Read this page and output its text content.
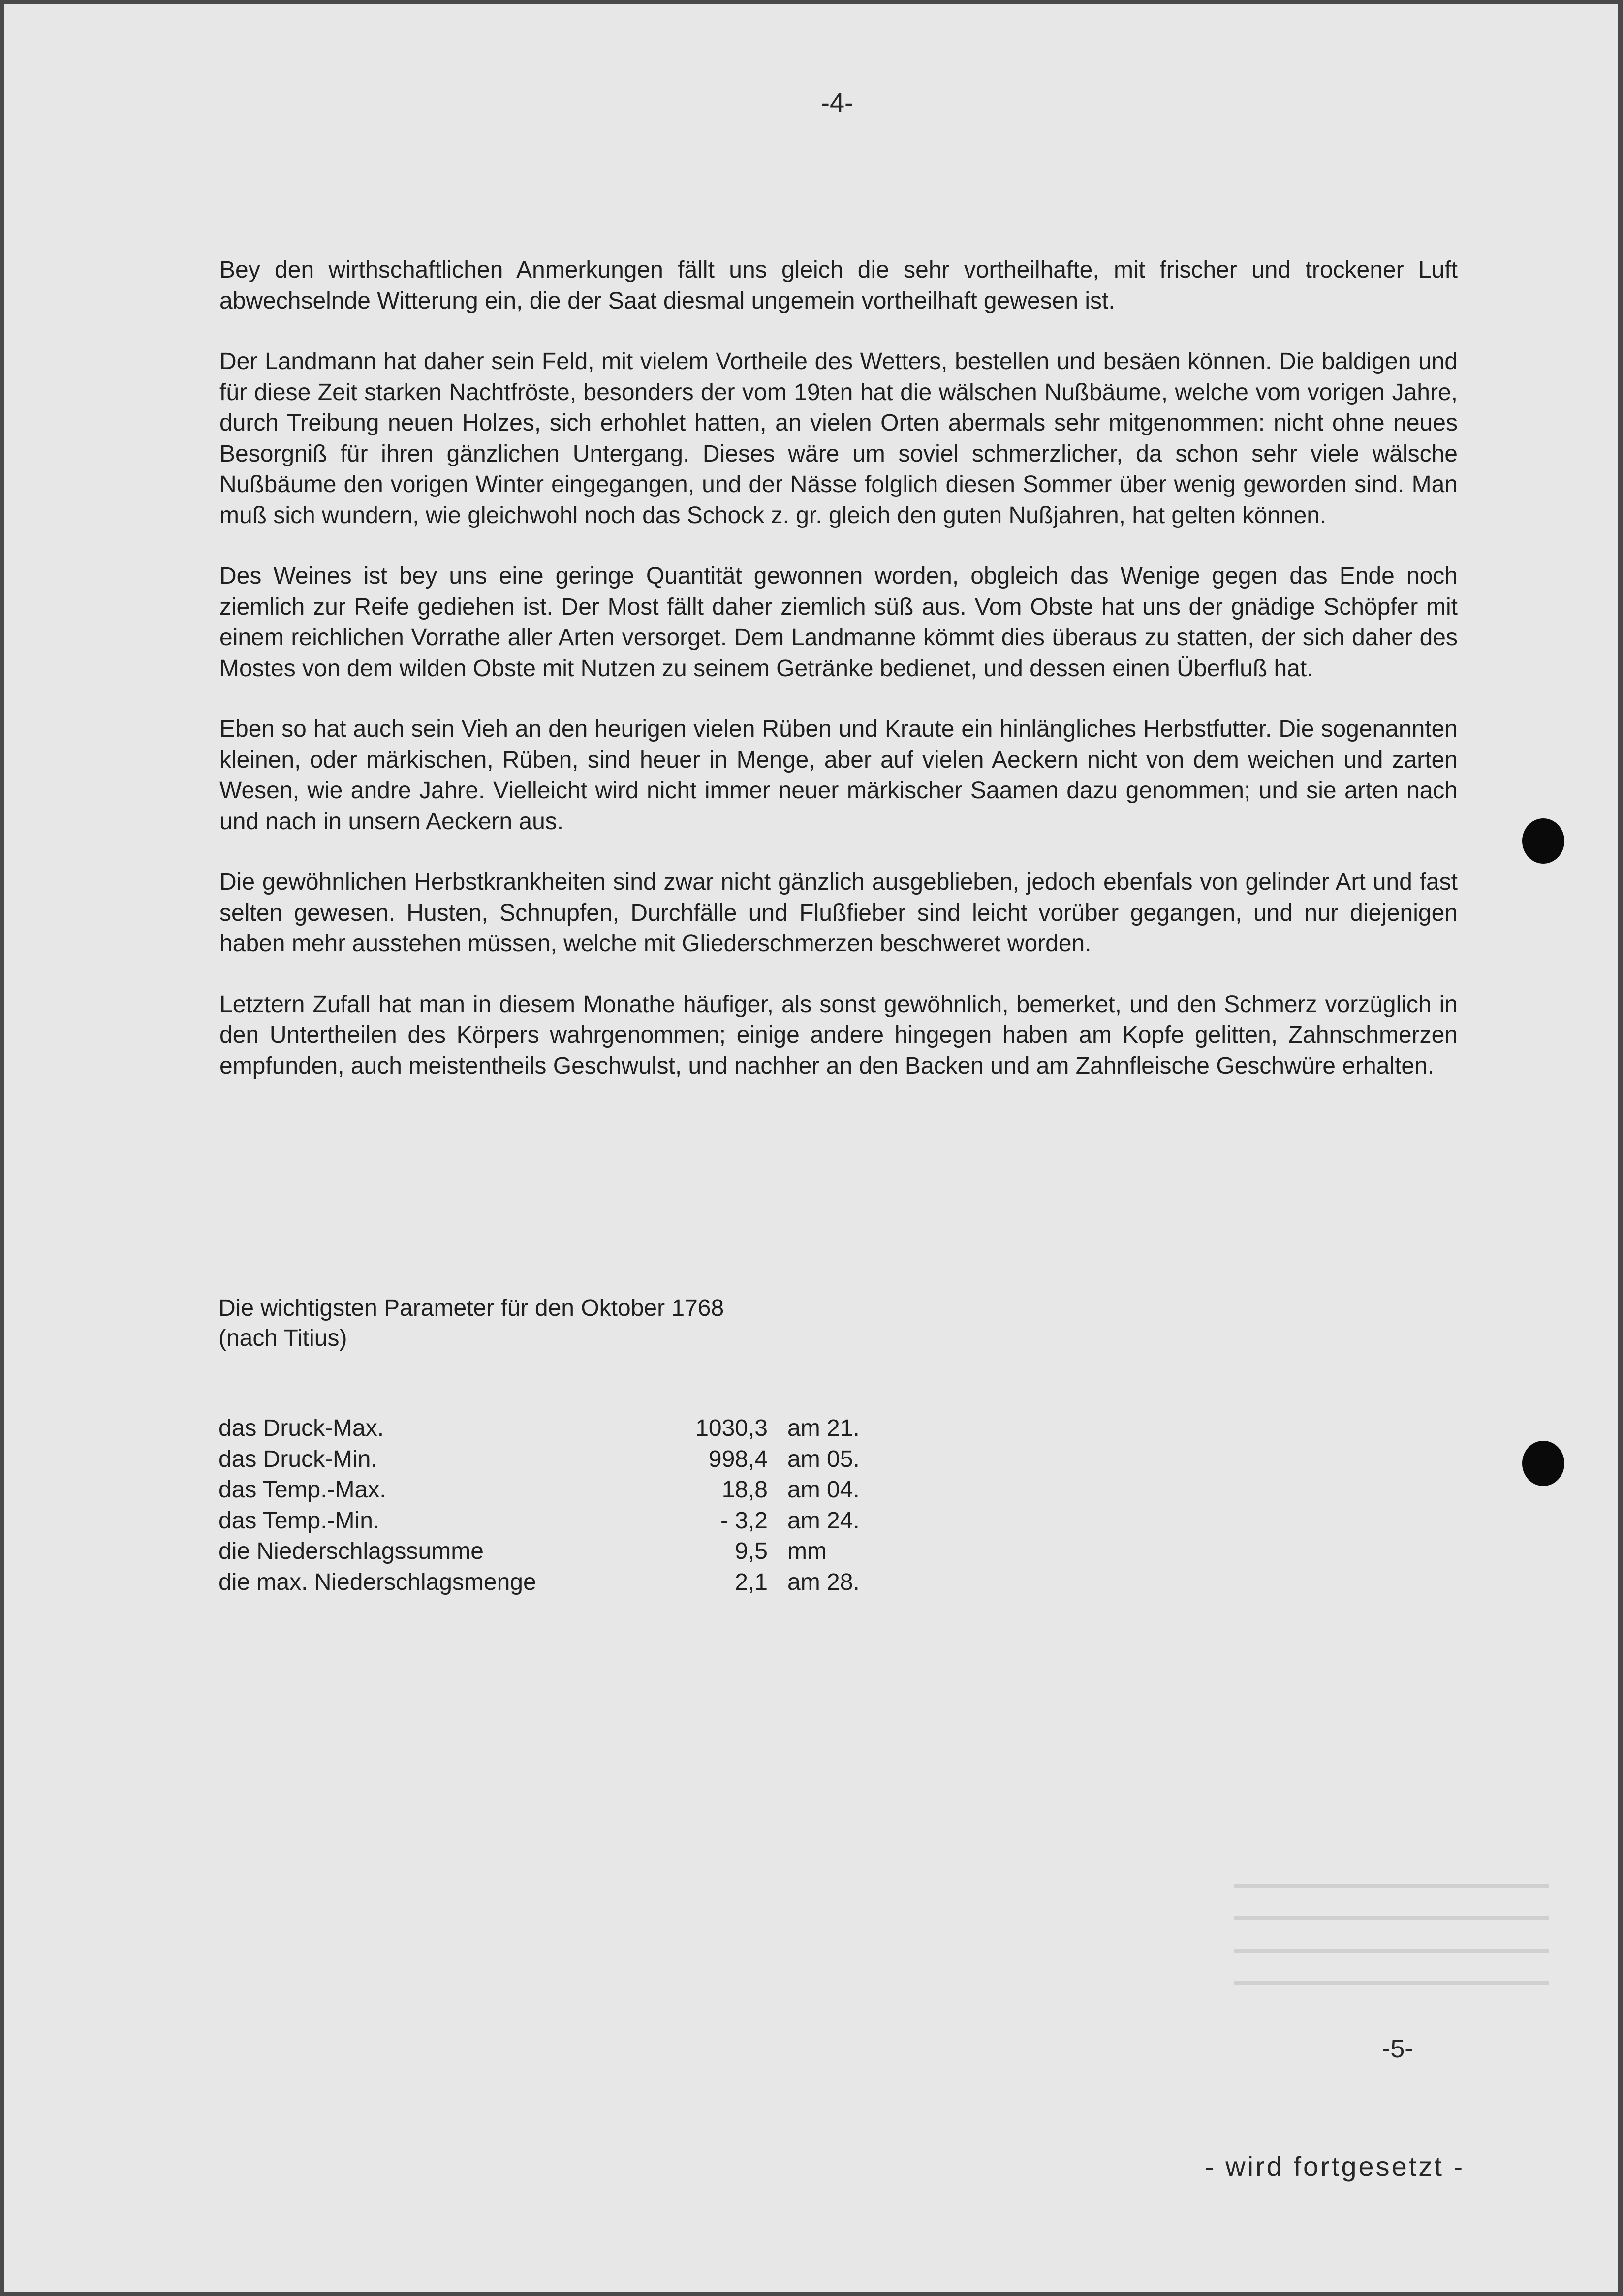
-4-

Bey den wirthschaftlichen Anmerkungen fällt uns gleich die sehr vortheilhafte, mit frischer und trockener Luft abwechselnde Witterung ein, die der Saat diesmal ungemein vortheilhaft gewesen ist.

Der Landmann hat daher sein Feld, mit vielem Vortheile des Wetters, bestellen und besäen können. Die baldigen und für diese Zeit starken Nachtfröste, besonders der vom 19ten hat die wälschen Nußbäume, welche vom vorigen Jahre, durch Treibung neuen Holzes, sich erhohlet hatten, an vielen Orten abermals sehr mitgenommen: nicht ohne neues Besorgniß für ihren gänzlichen Untergang. Dieses wäre um soviel schmerzlicher, da schon sehr viele wälsche Nußbäume den vorigen Winter eingegangen, und der Nässe folglich diesen Sommer über wenig geworden sind. Man muß sich wundern, wie gleichwohl noch das Schock z. gr. gleich den guten Nußjahren, hat gelten können.

Des Weines ist bey uns eine geringe Quantität gewonnen worden, obgleich das Wenige gegen das Ende noch ziemlich zur Reife gediehen ist. Der Most fällt daher ziemlich süß aus. Vom Obste hat uns der gnädige Schöpfer mit einem reichlichen Vorrathe aller Arten versorget. Dem Landmanne kömmt dies überaus zu statten, der sich daher des Mostes von dem wilden Obste mit Nutzen zu seinem Getränke bedienet, und dessen einen Überfluß hat.

Eben so hat auch sein Vieh an den heurigen vielen Rüben und Kraute ein hinlängliches Herbstfutter. Die sogenannten kleinen, oder märkischen, Rüben, sind heuer in Menge, aber auf vielen Aeckern nicht von dem weichen und zarten Wesen, wie andre Jahre. Vielleicht wird nicht immer neuer märkischer Saamen dazu genommen; und sie arten nach und nach in unsern Aeckern aus.

Die gewöhnlichen Herbstkrankheiten sind zwar nicht gänzlich ausgeblieben, jedoch ebenfals von gelinder Art und fast selten gewesen. Husten, Schnupfen, Durchfälle und Flußfieber sind leicht vorüber gegangen, und nur diejenigen haben mehr ausstehen müssen, welche mit Gliederschmerzen beschweret worden.

Letztern Zufall hat man in diesem Monathe häufiger, als sonst gewöhnlich, bemerket, und den Schmerz vorzüglich in den Untertheilen des Körpers wahrgenommen; einige andere hingegen haben am Kopfe gelitten, Zahnschmerzen empfunden, auch meistentheils Geschwulst, und nachher an den Backen und am Zahnfleische Geschwüre erhalten.

Die wichtigsten Parameter für den Oktober 1768
(nach Titius)
das Druck-Max.	1030,3 am 21.
das Druck-Min.	998,4 am 05.
das Temp.-Max.	18,8 am 04.
das Temp.-Min.	- 3,2 am 24.
die Niederschlagssumme	9,5 mm
die max. Niederschlagsmenge	2,1 am 28.
-5-
- wird fortgesetzt -
